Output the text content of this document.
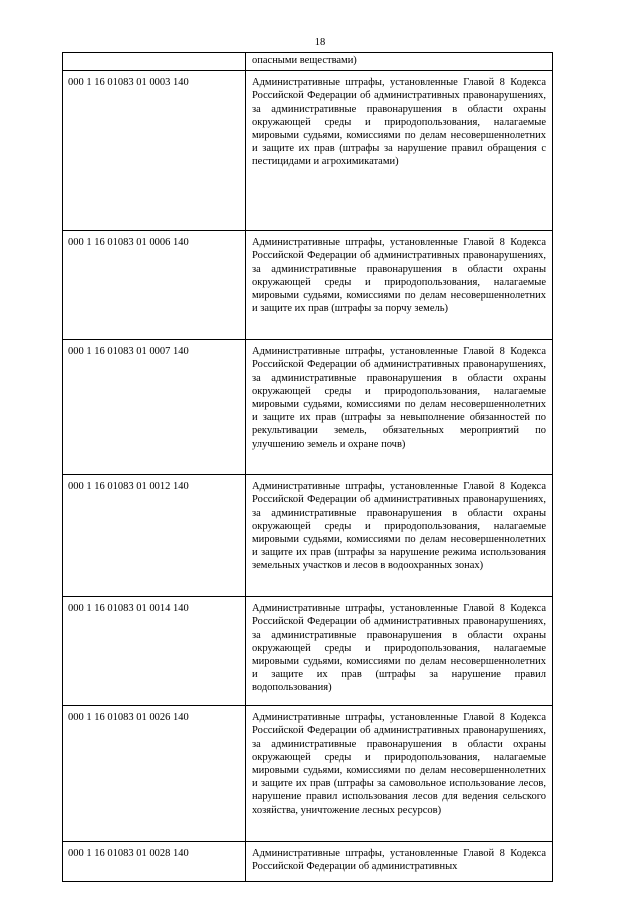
18
	опасными веществами)
000 1 16 01083 01 0003 140	Административные штрафы, установленные Главой 8 Кодекса Российской Федерации об административных правонарушениях, за административные правонарушения в области охраны окружающей среды и природопользования, налагаемые мировыми судьями, комиссиями по делам несовершеннолетних и защите их прав (штрафы за нарушение правил обращения с пестицидами и агрохимикатами)
000 1 16 01083 01 0006 140	Административные штрафы, установленные Главой 8 Кодекса Российской Федерации об административных правонарушениях, за административные правонарушения в области охраны окружающей среды и природопользования, налагаемые мировыми судьями, комиссиями по делам несовершеннолетних и защите их прав (штрафы за порчу земель)
000 1 16 01083 01 0007 140	Административные штрафы, установленные Главой 8 Кодекса Российской Федерации об административных правонарушениях, за административные правонарушения в области охраны окружающей среды и природопользования, налагаемые мировыми судьями, комиссиями по делам несовершеннолетних и защите их прав (штрафы за невыполнение обязанностей по рекультивации земель, обязательных мероприятий по улучшению земель и охране почв)
000 1 16 01083 01 0012 140	Административные штрафы, установленные Главой 8 Кодекса Российской Федерации об административных правонарушениях, за административные правонарушения в области охраны окружающей среды и природопользования, налагаемые мировыми судьями, комиссиями по делам несовершеннолетних и защите их прав (штрафы за нарушение режима использования земельных участков и лесов в водоохранных зонах)
000 1 16 01083 01 0014 140	Административные штрафы, установленные Главой 8 Кодекса Российской Федерации об административных правонарушениях, за административные правонарушения в области охраны окружающей среды и природопользования, налагаемые мировыми судьями, комиссиями по делам несовершеннолетних и защите их прав (штрафы за нарушение правил водопользования)
000 1 16 01083 01 0026 140	Административные штрафы, установленные Главой 8 Кодекса Российской Федерации об административных правонарушениях, за административные правонарушения в области охраны окружающей среды и природопользования, налагаемые мировыми судьями, комиссиями по делам несовершеннолетних и защите их прав (штрафы за самовольное использование лесов, нарушение правил использования лесов для ведения сельского хозяйства, уничтожение лесных ресурсов)
000 1 16 01083 01 0028 140	Административные штрафы, установленные Главой 8 Кодекса Российской Федерации об административных
